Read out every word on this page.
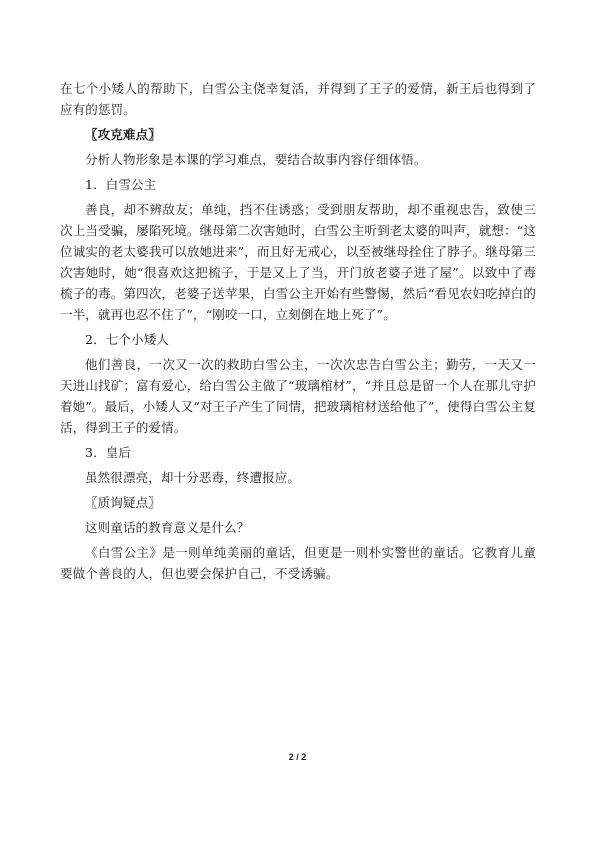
在七个小矮人的帮助下，白雪公主侥幸复活，并得到了王子的爱情，新王后也得到了应有的惩罚。

〖攻克难点〗

分析人物形象是本课的学习难点，要结合故事内容仔细体悟。

1．白雪公主

善良，却不辨敌友；单纯，挡不住诱惑；受到朋友帮助，却不重视忠告，致使三次上当受骗，屡陷死境。继母第二次害她时，白雪公主听到老太婆的叫声，就想：“这位诚实的老太婆我可以放她进来”，而且好无戒心，以至被继母拴住了脖子。继母第三次害她时，她“很喜欢这把梳子，于是又上了当，开门放老婆子进了屋”。以致中了毒梳子的毒。第四次，老婆子送苹果，白雪公主开始有些警惕，然后“看见农妇吃掉白的一半，就再也忍不住了”，“刚咬一口，立刻倒在地上死了”。

2．七个小矮人

他们善良，一次又一次的救助白雪公主，一次次忠告白雪公主；勤劳，一天又一天进山找矿；富有爱心，给白雪公主做了“玻璃棺材”，“并且总是留一个人在那儿守护着她”。最后，小矮人又“对王子产生了同情，把玻璃棺材送给他了”，使得白雪公主复活，得到王子的爱情。

3．皇后

虽然很漂亮，却十分恶毒，终遭报应。

〖质询疑点〗

这则童话的教育意义是什么？

《白雪公主》是一则单纯美丽的童话，但更是一则朴实警世的童话。它教育儿童要做个善良的人，但也要会保护自己，不受诱骗。

2 / 2
